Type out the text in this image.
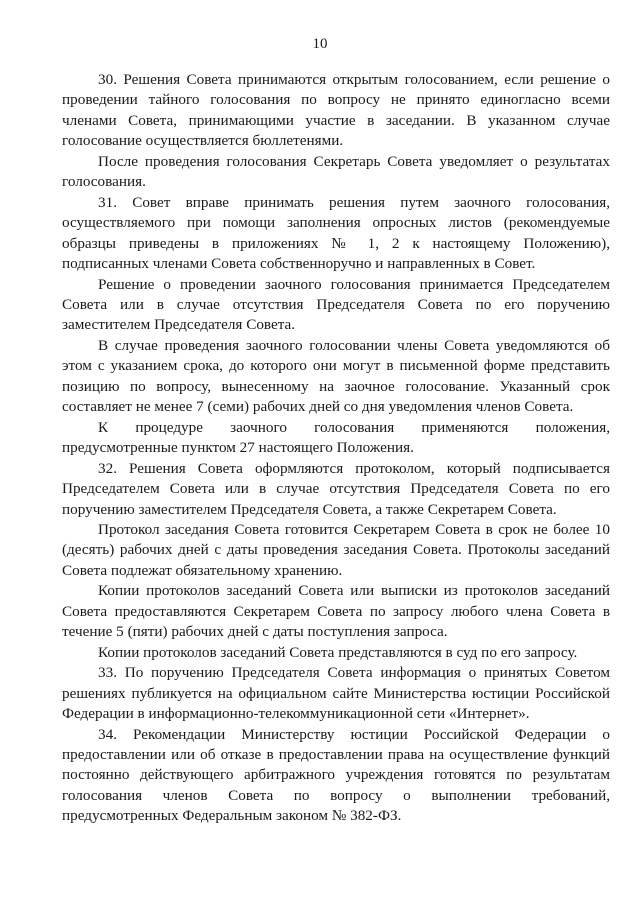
10

30. Решения Совета принимаются открытым голосованием, если решение о проведении тайного голосования по вопросу не принято единогласно всеми членами Совета, принимающими участие в заседании. В указанном случае голосование осуществляется бюллетенями.

После проведения голосования Секретарь Совета уведомляет о результатах голосования.

31. Совет вправе принимать решения путем заочного голосования, осуществляемого при помощи заполнения опросных листов (рекомендуемые образцы приведены в приложениях № 1, 2 к настоящему Положению), подписанных членами Совета собственноручно и направленных в Совет.

Решение о проведении заочного голосования принимается Председателем Совета или в случае отсутствия Председателя Совета по его поручению заместителем Председателя Совета.

В случае проведения заочного голосовании члены Совета уведомляются об этом с указанием срока, до которого они могут в письменной форме представить позицию по вопросу, вынесенному на заочное голосование. Указанный срок составляет не менее 7 (семи) рабочих дней со дня уведомления членов Совета.

К процедуре заочного голосования применяются положения, предусмотренные пунктом 27 настоящего Положения.

32. Решения Совета оформляются протоколом, который подписывается Председателем Совета или в случае отсутствия Председателя Совета по его поручению заместителем Председателя Совета, а также Секретарем Совета.

Протокол заседания Совета готовится Секретарем Совета в срок не более 10 (десять) рабочих дней с даты проведения заседания Совета. Протоколы заседаний Совета подлежат обязательному хранению.

Копии протоколов заседаний Совета или выписки из протоколов заседаний Совета предоставляются Секретарем Совета по запросу любого члена Совета в течение 5 (пяти) рабочих дней с даты поступления запроса.

Копии протоколов заседаний Совета представляются в суд по его запросу.

33. По поручению Председателя Совета информация о принятых Советом решениях публикуется на официальном сайте Министерства юстиции Российской Федерации в информационно-телекоммуникационной сети «Интернет».

34. Рекомендации Министерству юстиции Российской Федерации о предоставлении или об отказе в предоставлении права на осуществление функций постоянно действующего арбитражного учреждения готовятся по результатам голосования членов Совета по вопросу о выполнении требований, предусмотренных Федеральным законом № 382-ФЗ.
